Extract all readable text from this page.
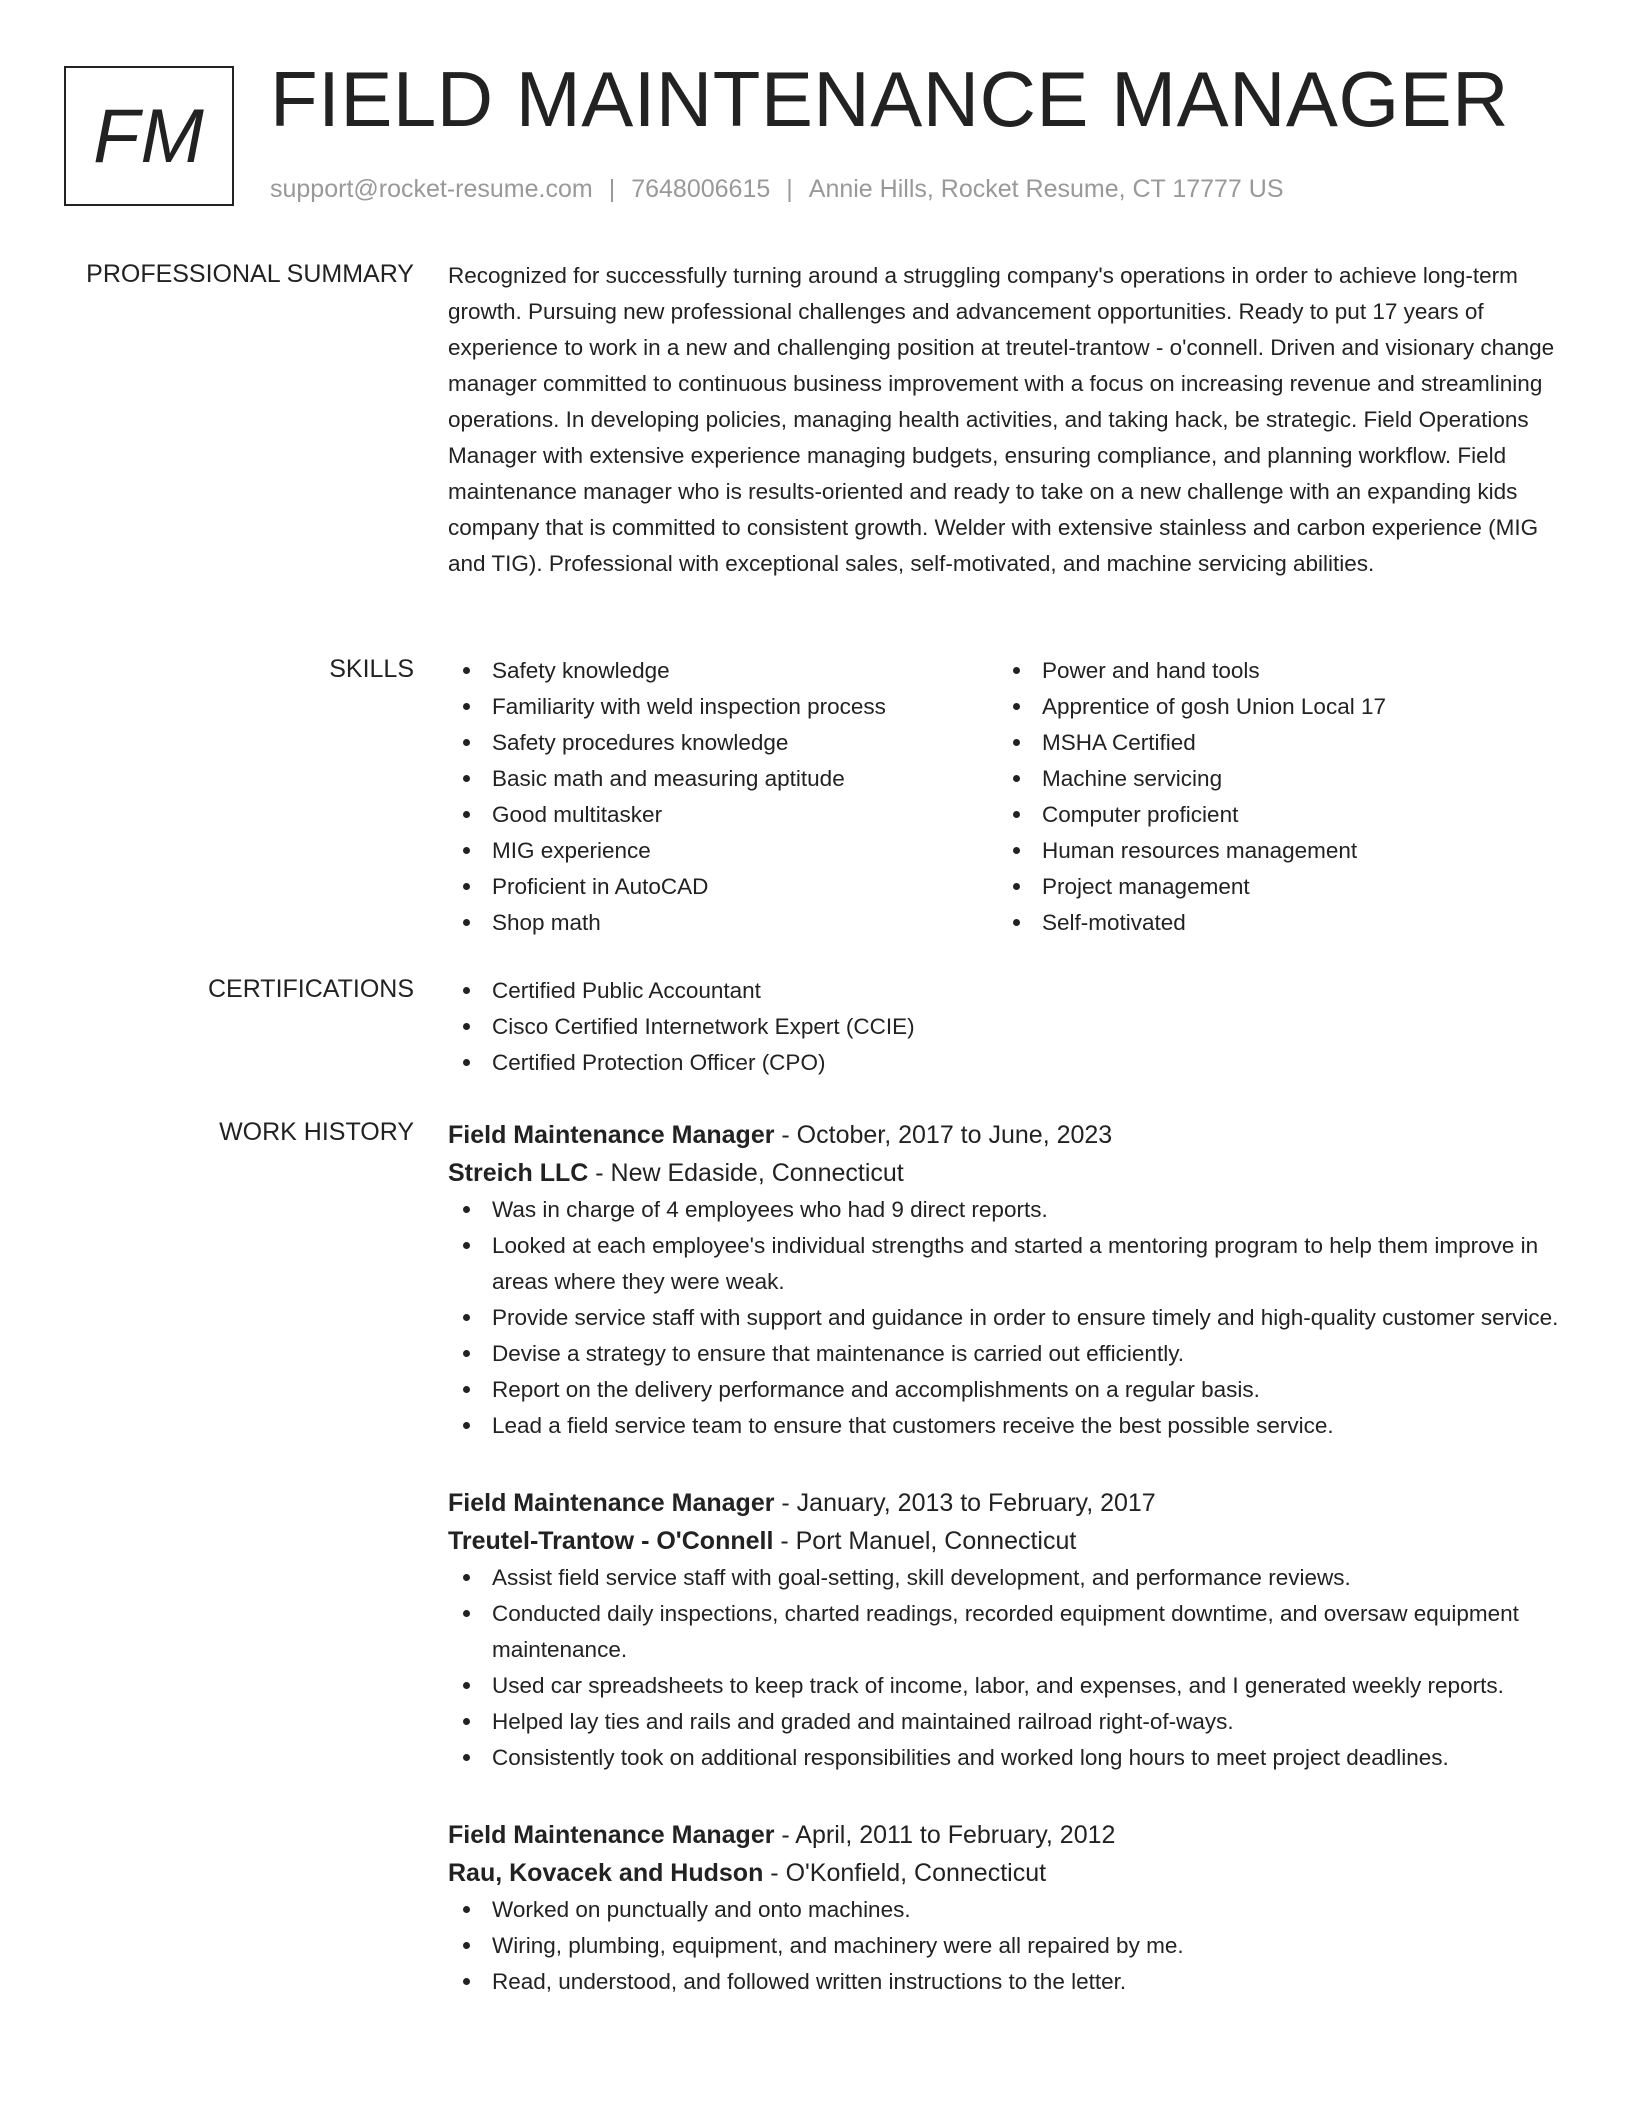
FM FIELD MAINTENANCE MANAGER
support@rocket-resume.com | 7648006615 | Annie Hills, Rocket Resume, CT 17777 US
PROFESSIONAL SUMMARY Recognized for successfully turning around a struggling company's operations in order to achieve long-term growth. Pursuing new professional challenges and advancement opportunities. Ready to put 17 years of experience to work in a new and challenging position at treutel-trantow - o'connell. Driven and visionary change manager committed to continuous business improvement with a focus on increasing revenue and streamlining operations. In developing policies, managing health activities, and taking hack, be strategic. Field Operations Manager with extensive experience managing budgets, ensuring compliance, and planning workflow. Field maintenance manager who is results-oriented and ready to take on a new challenge with an expanding kids company that is committed to consistent growth. Welder with extensive stainless and carbon experience (MIG and TIG). Professional with exceptional sales, self-motivated, and machine servicing abilities.
SKILLS	Safety knowledge
Familiarity with weld inspection process
Safety procedures knowledge
Basic math and measuring aptitude
Good multitasker
MIG experience
Proficient in AutoCAD
Shop math
Power and hand tools
Apprentice of gosh Union Local 17
MSHA Certified
Machine servicing
Computer proficient
Human resources management
Project management
Self-motivated
CERTIFICATIONS	Certified Public Accountant
Cisco Certified Internetwork Expert (CCIE)
Certified Protection Officer (CPO)
WORK HISTORY Field Maintenance Manager - October, 2017 to June, 2023
Streich LLC - New Edaside, Connecticut
Was in charge of 4 employees who had 9 direct reports.
Looked at each employee's individual strengths and started a mentoring program to help them improve in areas where they were weak.
Provide service staff with support and guidance in order to ensure timely and high-quality customer service.
Devise a strategy to ensure that maintenance is carried out efficiently.
Report on the delivery performance and accomplishments on a regular basis.
Lead a field service team to ensure that customers receive the best possible service.
Field Maintenance Manager - January, 2013 to February, 2017
Treutel-Trantow - O'Connell - Port Manuel, Connecticut
Assist field service staff with goal-setting, skill development, and performance reviews.
Conducted daily inspections, charted readings, recorded equipment downtime, and oversaw equipment maintenance.
Used car spreadsheets to keep track of income, labor, and expenses, and I generated weekly reports.
Helped lay ties and rails and graded and maintained railroad right-of-ways.
Consistently took on additional responsibilities and worked long hours to meet project deadlines.
Field Maintenance Manager - April, 2011 to February, 2012
Rau, Kovacek and Hudson - O'Konfield, Connecticut
Worked on punctually and onto machines.
Wiring, plumbing, equipment, and machinery were all repaired by me.
Read, understood, and followed written instructions to the letter.
